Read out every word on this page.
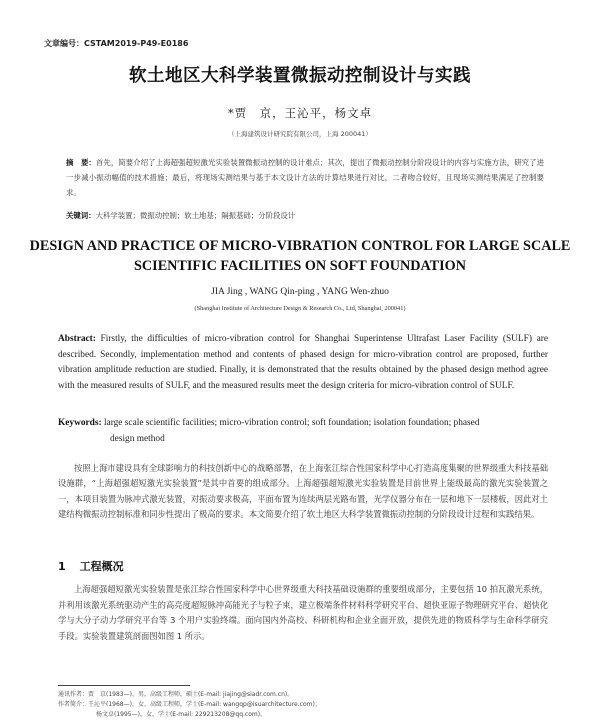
文章编号：CSTAM2019-P49-E0186
软土地区大科学装置微振动控制设计与实践
*贾　京，王沁平，杨文卓
（上海建筑设计研究院有限公司，上海 200041）
摘　要：首先，简要介绍了上海超强超短激光实验装置微振动控制的设计难点；其次，提出了微振动控制分阶段设计的内容与实施方法，研究了进一步减小振动幅值的技术措施；最后，将现场实测结果与基于本文设计方法的计算结果进行对比，二者吻合较好，且现场实测结果满足了控制要求。
关键词：大科学装置；微振动控制；软土地基；隔振基础；分阶段设计
DESIGN AND PRACTICE OF MICRO-VIBRATION CONTROL FOR LARGE SCALE SCIENTIFIC FACILITIES ON SOFT FOUNDATION
JIA Jing , WANG Qin-ping , YANG Wen-zhuo
(Shanghai Institute of Architecture Design & Research Co., Ltd, Shanghai, 200041)
Abstract: Firstly, the difficulties of micro-vibration control for Shanghai Superintense Ultrafast Laser Facility (SULF) are described. Secondly, implementation method and contents of phased design for micro-vibration control are proposed, further vibration amplitude reduction are studied. Finally, it is demonstrated that the results obtained by the phased design method agree with the measured results of SULF, and the measured results meet the design criteria for micro-vibration control of SULF.
Keywords: large scale scientific facilities; micro-vibration control; soft foundation; isolation foundation; phased
design method
按照上海市建设具有全球影响力的科技创新中心的战略部署，在上海张江综合性国家科学中心打造高度集聚的世界级重大科技基础设施群，“上海超强超短激光实验装置”是其中首要的组成部分。上海超强超短激光实验装置是目前世界上能级最高的激光实验装置之一，本项目装置为脉冲式激光装置，对振动要求极高，平面布置为连续两层光路布置，光学仪器分布在一层和地下一层楼板，因此对土建结构微振动控制标准和同步性提出了极高的要求。本文简要介绍了软土地区大科学装置微振动控制的分阶段设计过程和实践结果。
1 工程概况
上海超强超短激光实验装置是张江综合性国家科学中心世界级重大科技基础设施群的重要组成部分，主要包括 10 拍瓦激光系统，并利用该激光系统驱动产生的高亮度超短脉冲高能光子与粒子束，建立极端条件材料科学研究平台、超快亚原子物理研究平台、超快化学与大分子动力学研究平台等 3 个用户实验终端。面向国内外高校、科研机构和企业全面开放，提供先进的物质科学与生命科学研究手段。实验装置建筑剖面图如图 1 所示。
通讯作者：贾　京(1983—)，男，高级工程师，硕士(E-mail: jiajing@siadr.com.cn)。
作者简介：王沁平(1968—)，女，高级工程师，学士(E-mail: wangqp@isuarchitecture.com)；
杨文卓(1995—)，女，学士(E-mail: 229213208@qq.com)。
